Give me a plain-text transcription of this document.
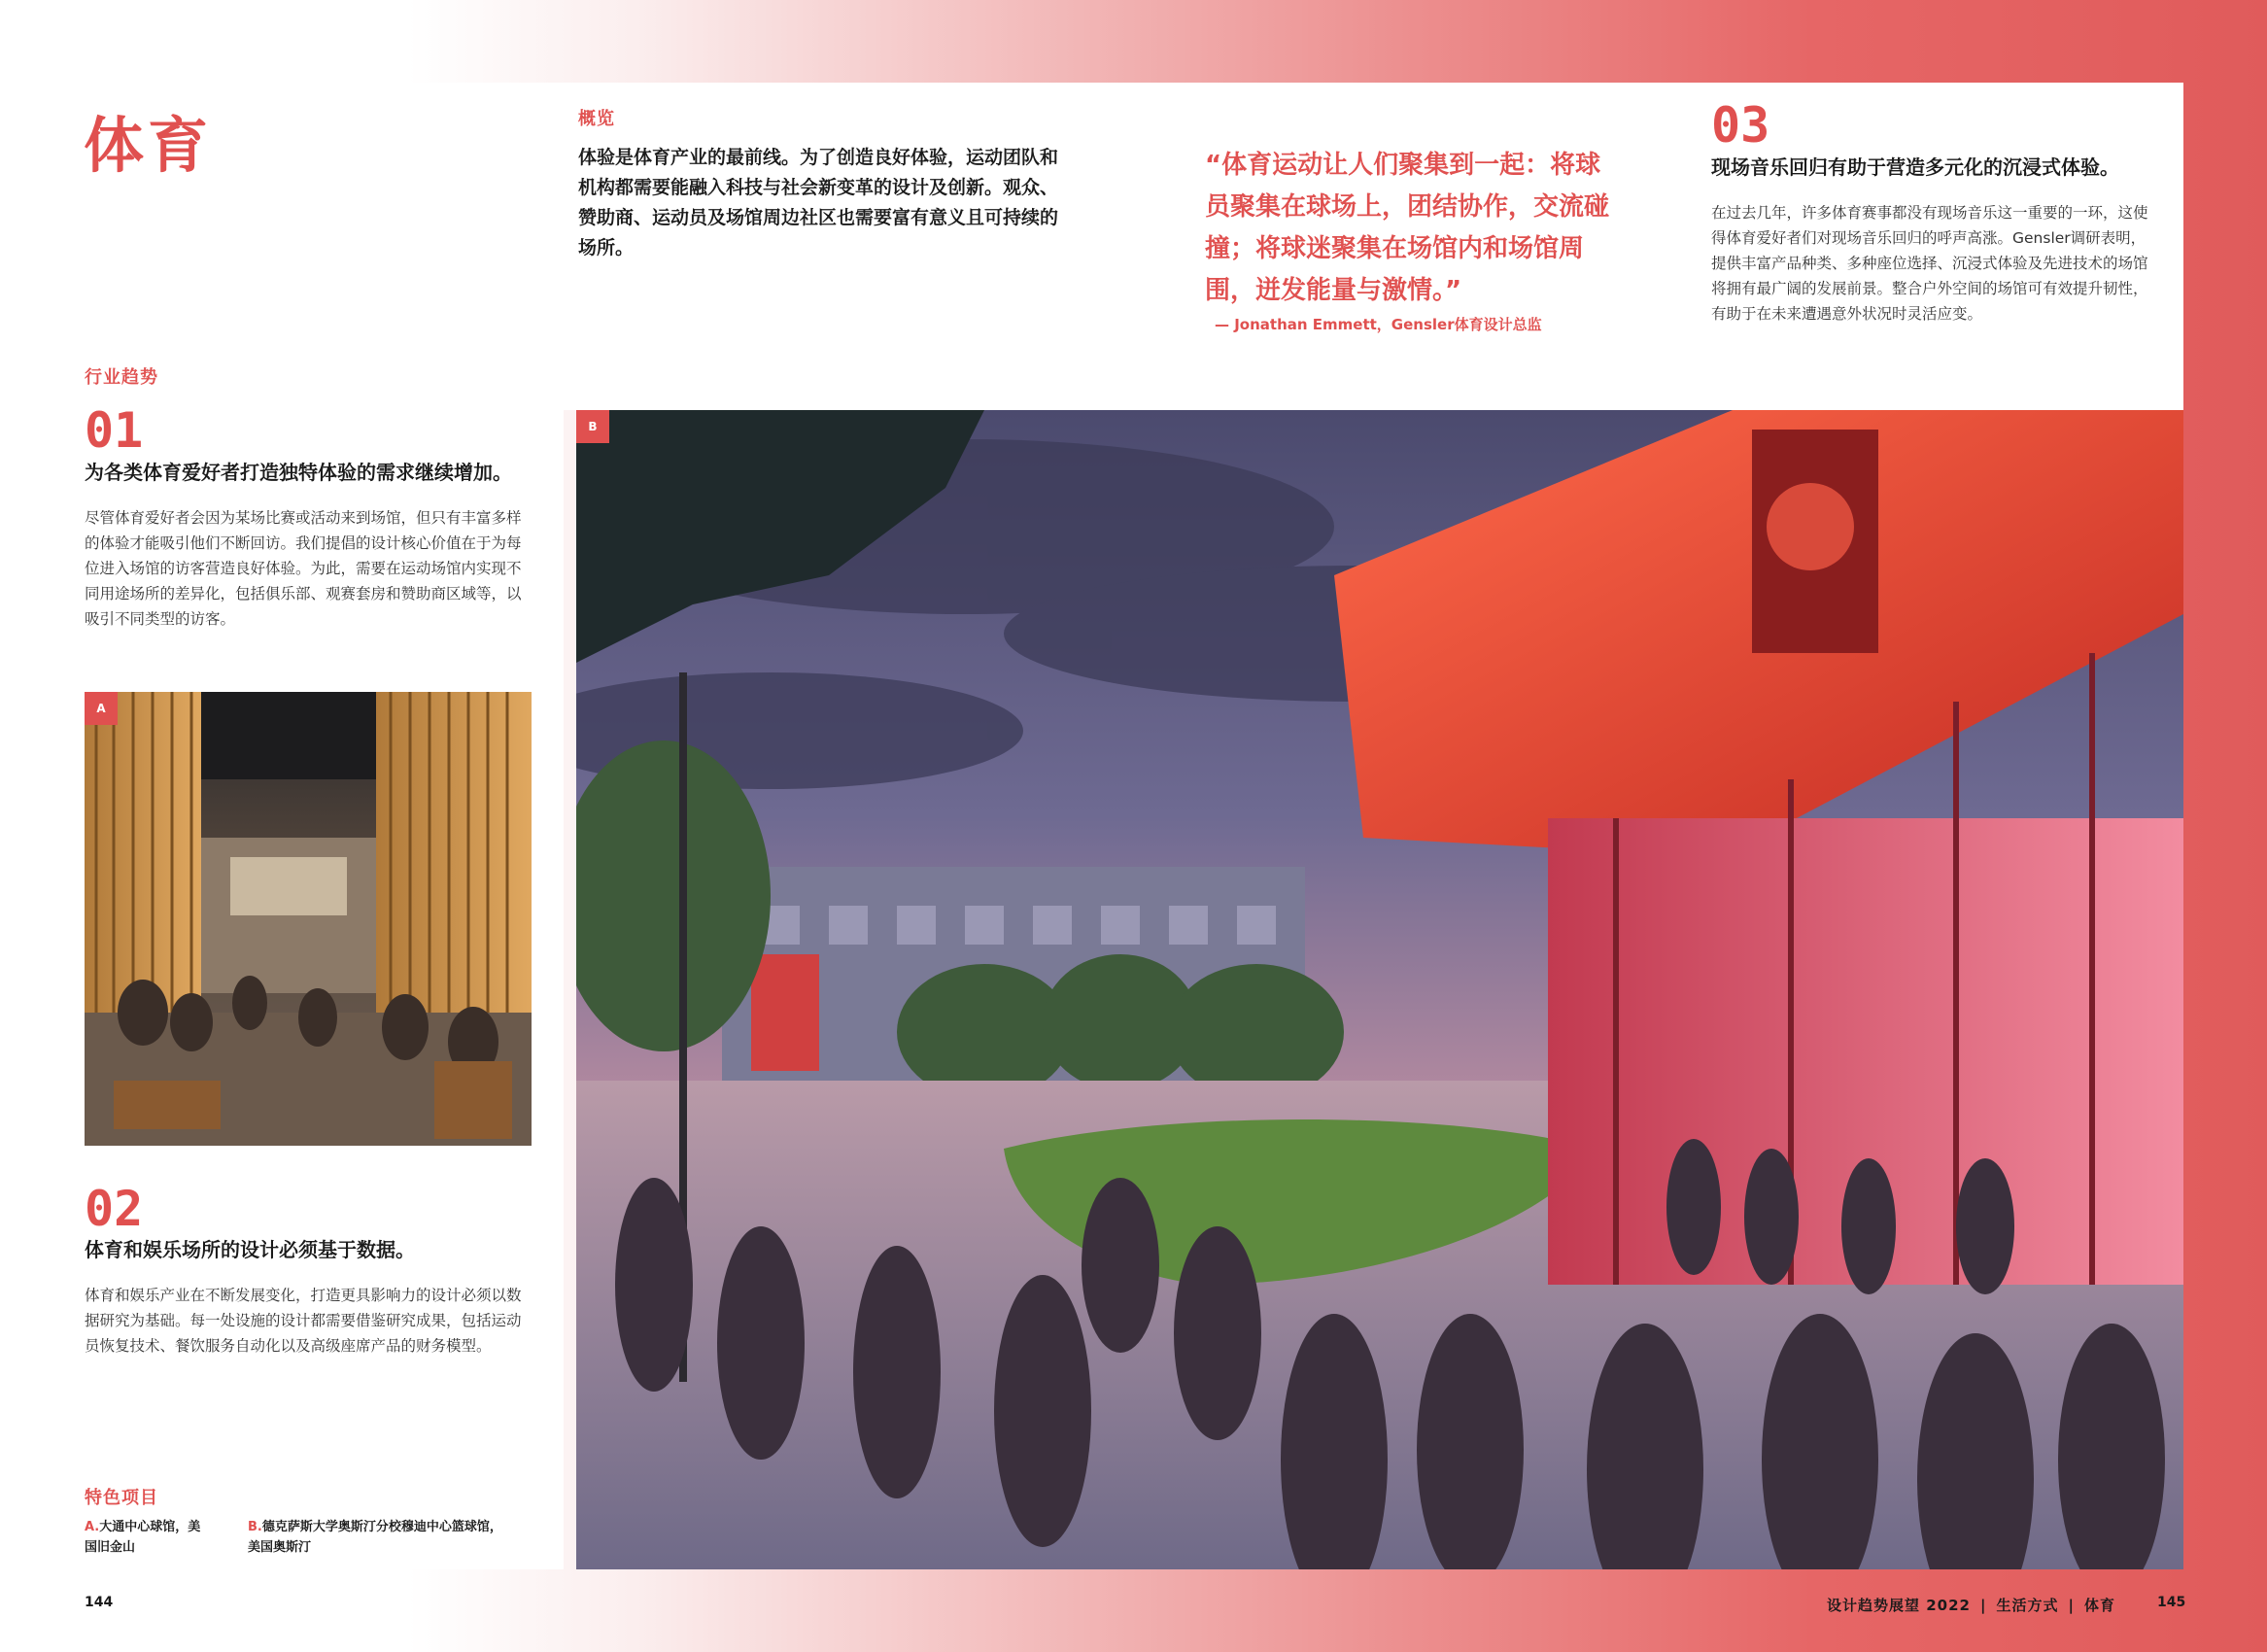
体育
行业趋势
01
为各类体育爱好者打造独特体验的需求继续增加。
尽管体育爱好者会因为某场比赛或活动来到场馆，但只有丰富多样的体验才能吸引他们不断回访。我们提倡的设计核心价值在于为每位进入场馆的访客营造良好体验。为此，需要在运动场馆内实现不同用途场所的差异化，包括俱乐部、观赛套房和赞助商区域等，以吸引不同类型的访客。
A
02
体育和娱乐场所的设计必须基于数据。
体育和娱乐产业在不断发展变化，打造更具影响力的设计必须以数据研究为基础。每一处设施的设计都需要借鉴研究成果，包括运动员恢复技术、餐饮服务自动化以及高级座席产品的财务模型。
特色项目
A.大通中心球馆，美国旧金山
B.德克萨斯大学奥斯汀分校穆迪中心篮球馆，美国奥斯汀
144
概览
体验是体育产业的最前线。为了创造良好体验，运动团队和机构都需要能融入科技与社会新变革的设计及创新。观众、赞助商、运动员及场馆周边社区也需要富有意义且可持续的场所。
“体育运动让人们聚集到一起：将球员聚集在球场上，团结协作，交流碰撞；将球迷聚集在场馆内和场馆周围，迸发能量与激情。”
— Jonathan Emmett，Gensler体育设计总监
03
现场音乐回归有助于营造多元化的沉浸式体验。
在过去几年，许多体育赛事都没有现场音乐这一重要的一环，这使得体育爱好者们对现场音乐回归的呼声高涨。Gensler调研表明，提供丰富产品种类、多种座位选择、沉浸式体验及先进技术的场馆将拥有最广阔的发展前景。整合户外空间的场馆可有效提升韧性，有助于在未来遭遇意外状况时灵活应变。
B
设计趋势展望 2022 | 生活方式 | 体育	145
